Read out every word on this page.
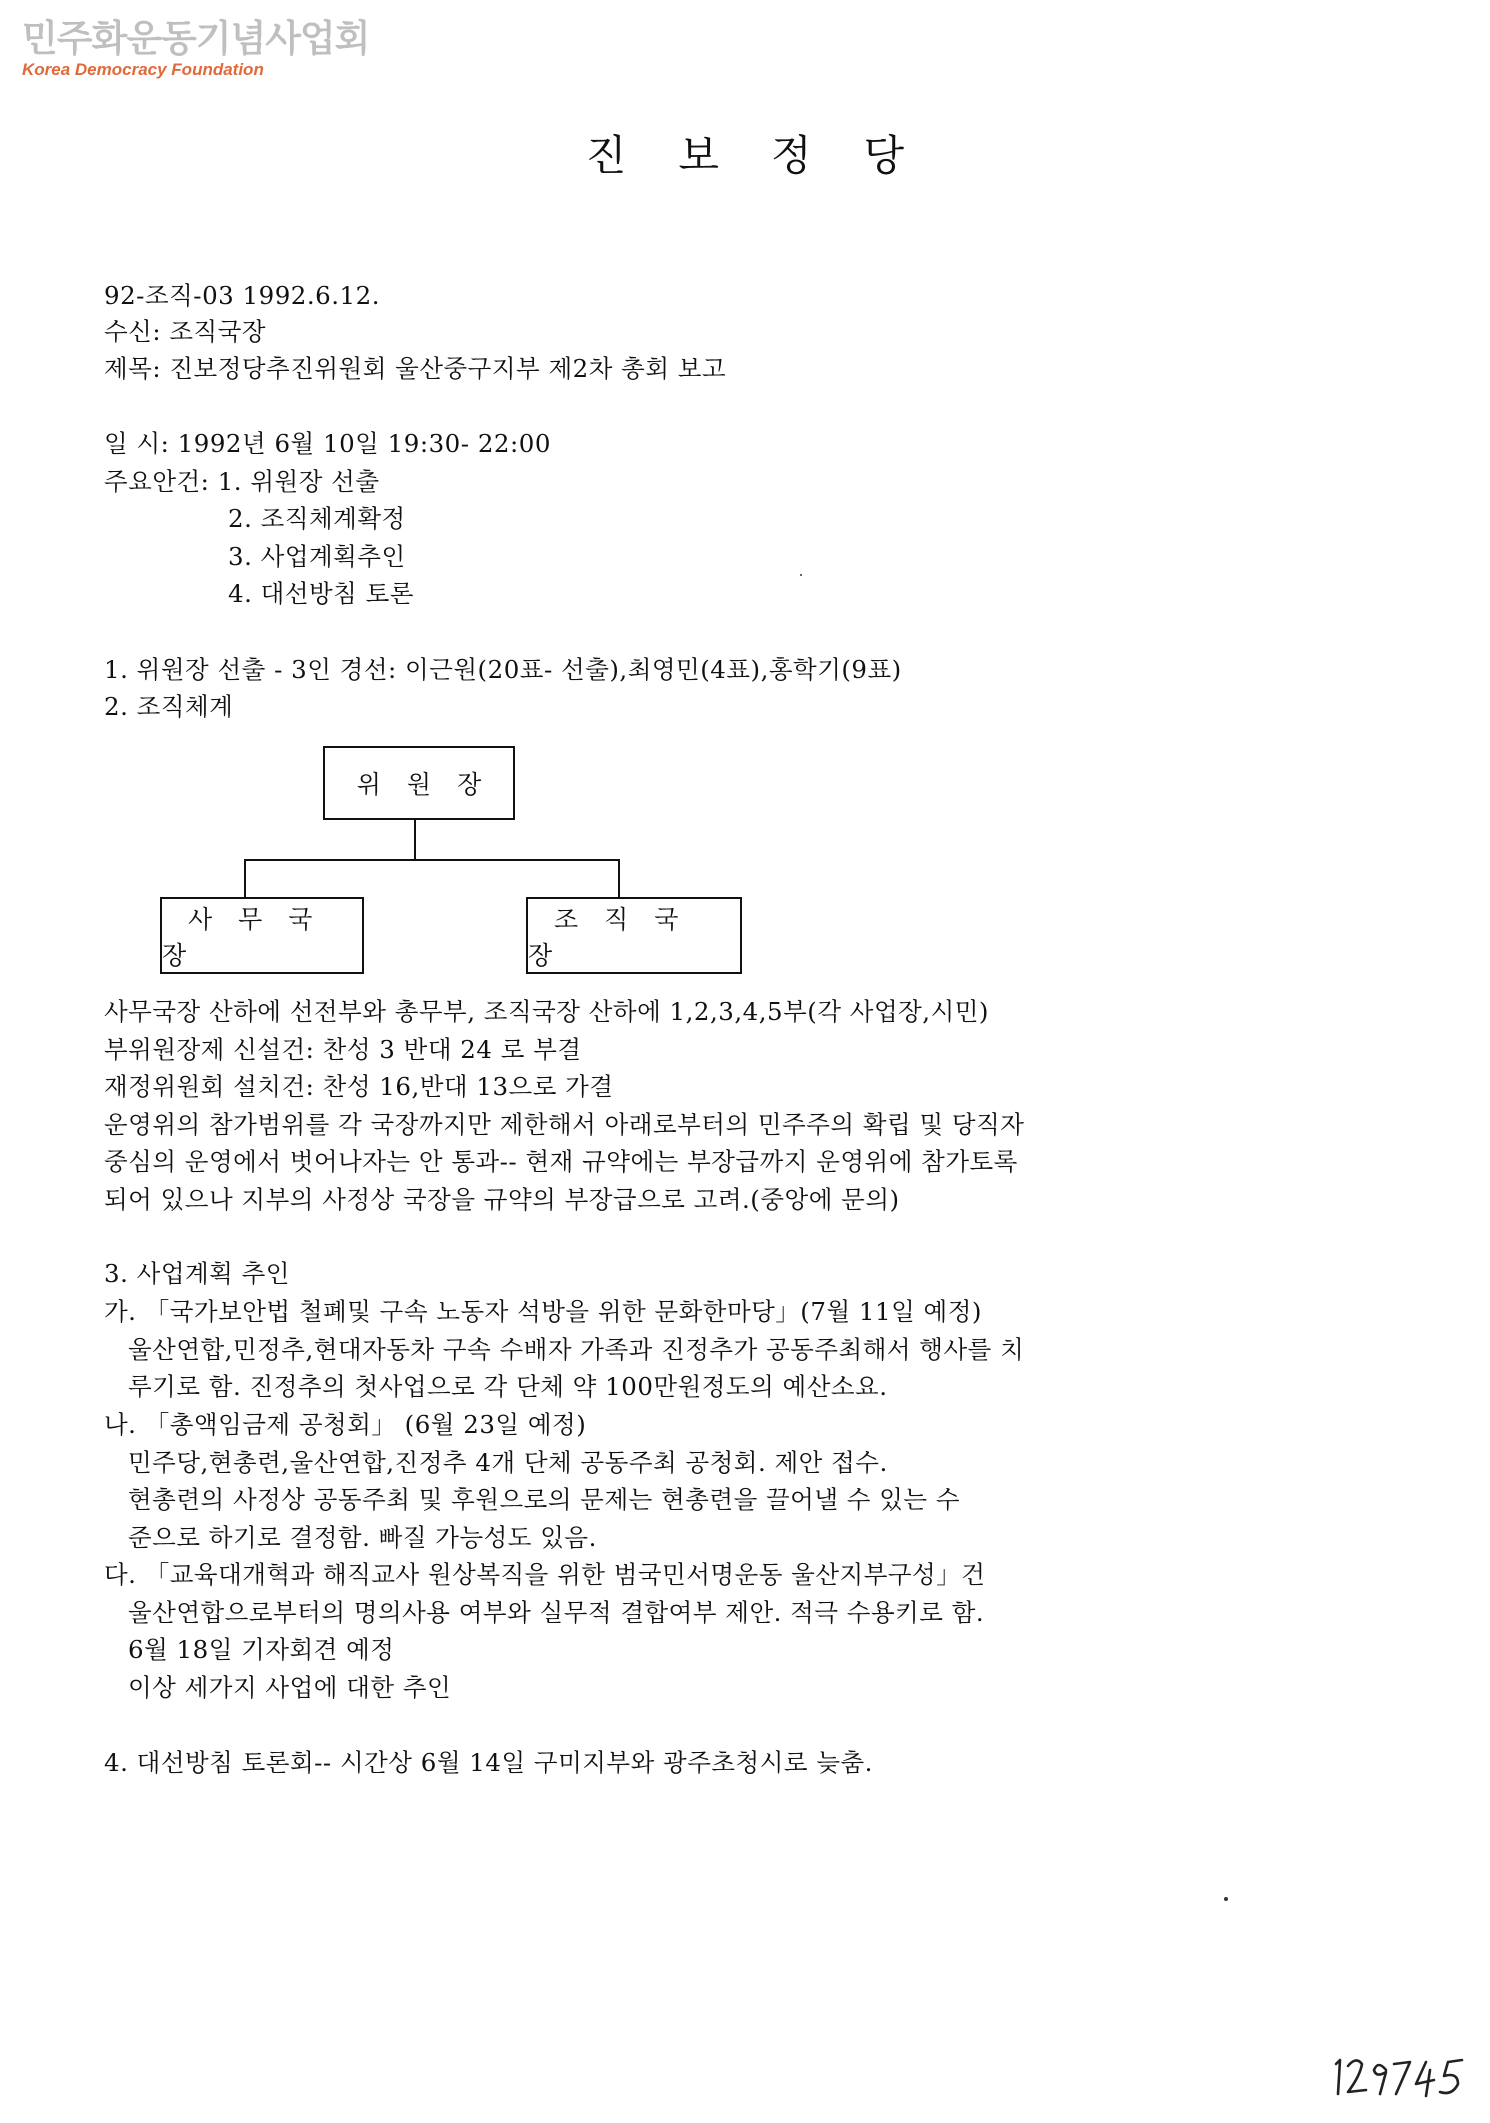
민주화운동기념사업회
Korea Democracy Foundation
진보정당
92-조직-03 1992.6.12.
수신: 조직국장
제목: 진보정당추진위원회 울산중구지부 제2차 총회 보고
일 시: 1992년 6월 10일 19:30- 22:00
주요안건: 1. 위원장 선출
2. 조직체계확정
3. 사업계획추인
4. 대선방침 토론
1. 위원장 선출 - 3인 경선: 이근원(20표- 선출),최영민(4표),홍학기(9표)
2. 조직체계
위원장
사무국장
조직국장
사무국장 산하에 선전부와 총무부, 조직국장 산하에 1,2,3,4,5부(각 사업장,시민)
부위원장제 신설건: 찬성 3 반대 24 로 부결
재정위원회 설치건: 찬성 16,반대 13으로 가결
운영위의 참가범위를 각 국장까지만 제한해서 아래로부터의 민주주의 확립 및 당직자
중심의 운영에서 벗어나자는 안 통과-- 현재 규약에는 부장급까지 운영위에 참가토록
되어 있으나 지부의 사정상 국장을 규약의 부장급으로 고려.(중앙에 문의)
3. 사업계획 추인
가. 「국가보안법 철폐및 구속 노동자 석방을 위한 문화한마당」(7월 11일 예정)
울산연합,민정추,현대자동차 구속 수배자 가족과 진정추가 공동주최해서 행사를 치
루기로 함. 진정추의 첫사업으로 각 단체 약 100만원정도의 예산소요.
나. 「총액임금제 공청회」 (6월 23일 예정)
민주당,현총련,울산연합,진정추 4개 단체 공동주최 공청회. 제안 접수.
현총련의 사정상 공동주최 및 후원으로의 문제는 현총련을 끌어낼 수 있는 수
준으로 하기로 결정함. 빠질 가능성도 있음.
다. 「교육대개혁과 해직교사 원상복직을 위한 범국민서명운동 울산지부구성」건
울산연합으로부터의 명의사용 여부와 실무적 결합여부 제안. 적극 수용키로 함.
6월 18일 기자회견 예정
이상 세가지 사업에 대한 추인
4. 대선방침 토론회-- 시간상 6월 14일 구미지부와 광주초청시로 늦춤.
